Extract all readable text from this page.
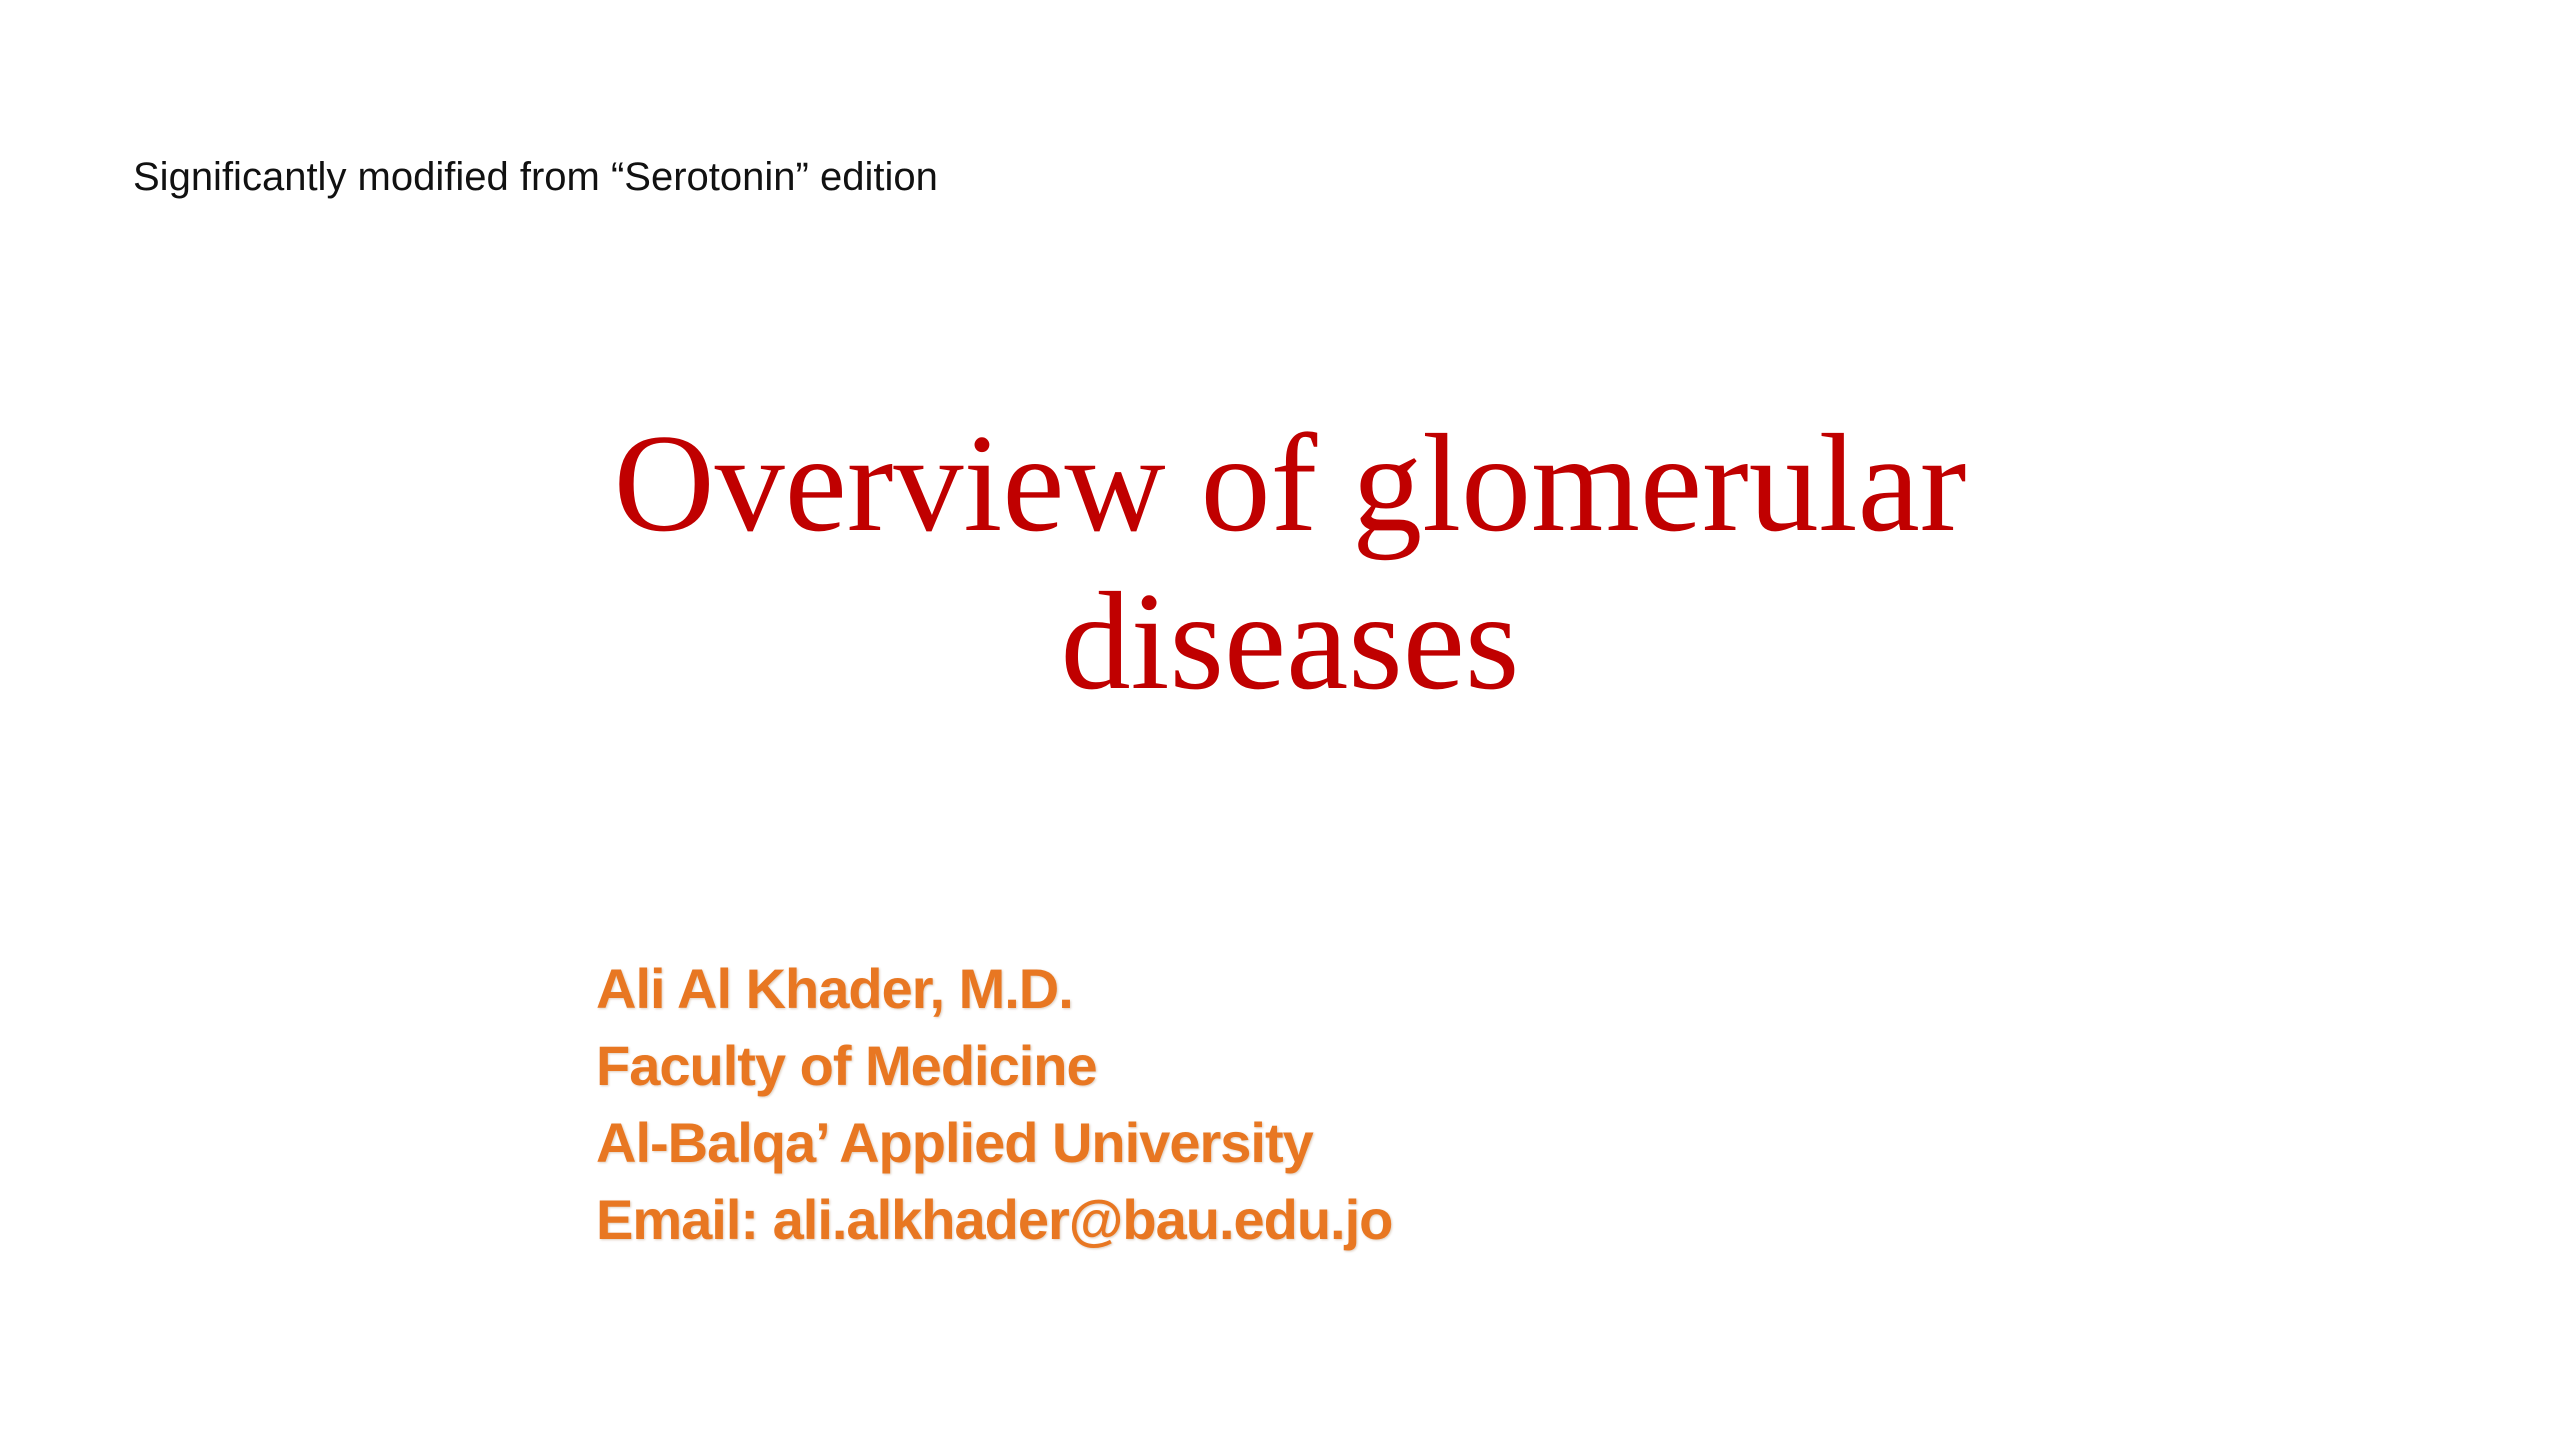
Significantly modified from “Serotonin” edition
Overview of glomerular
diseases
Ali Al Khader, M.D.
Faculty of Medicine
Al-Balqa’ Applied University
Email: ali.alkhader@bau.edu.jo
